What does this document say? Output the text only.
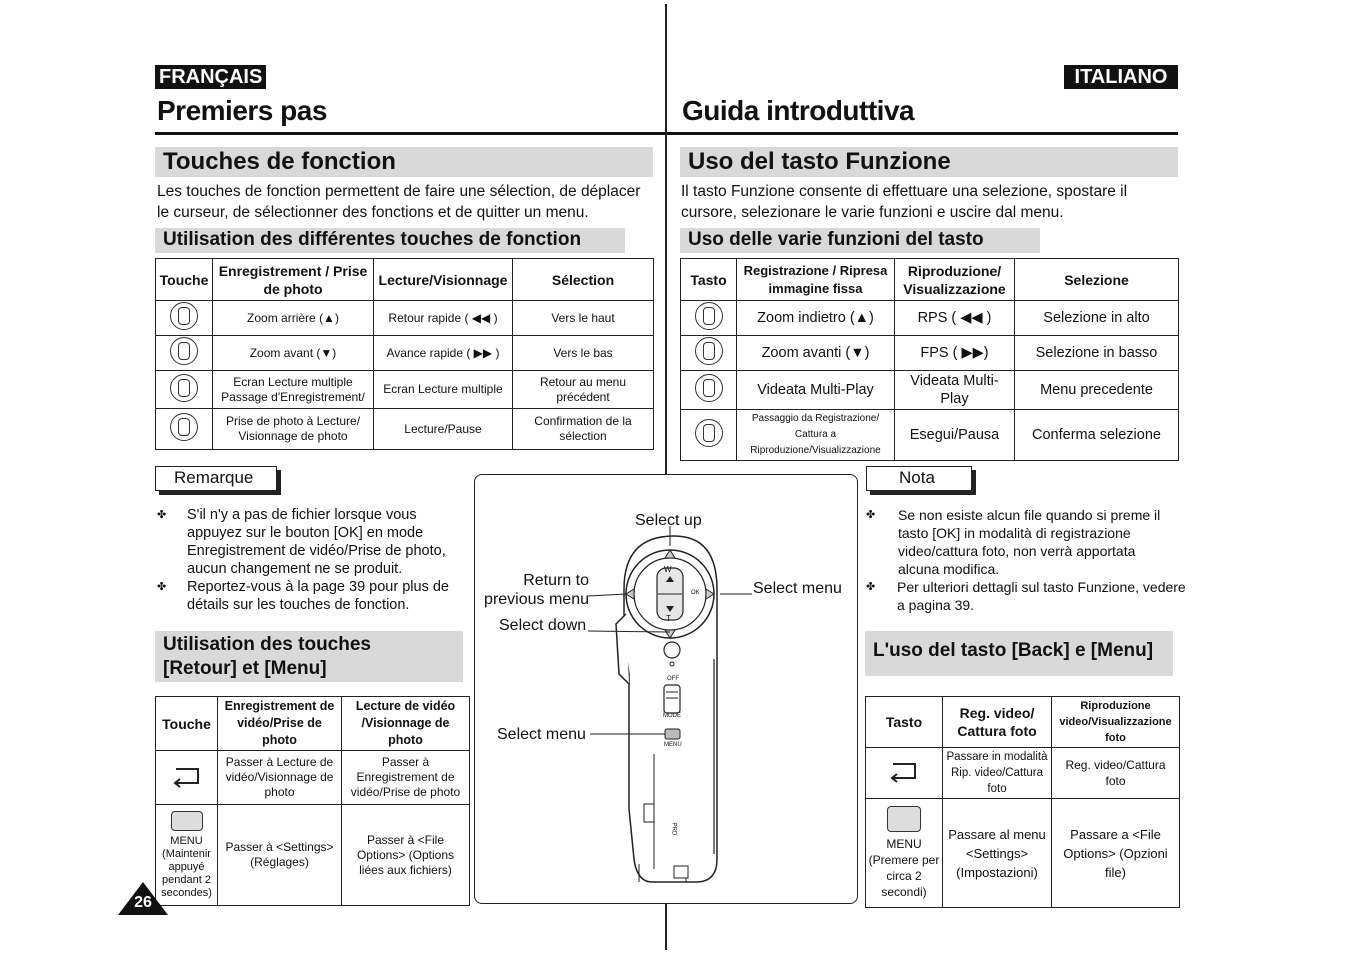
FRANÇAIS
Premiers pas
Touches de fonction
Les touches de fonction permettent de faire une sélection, de déplacer
le curseur, de sélectionner des fonctions et de quitter un menu.
Utilisation des différentes touches de fonction
Touche	Enregistrement / Prise de photo	Lecture/Visionnage	Sélection
	Zoom arrière (▲)	Retour rapide ( ◀◀ )	Vers le haut
	Zoom avant (▼)	Avance rapide ( ▶▶ )	Vers le bas
	Ecran Lecture multiple Passage d'Enregistrement/	Ecran Lecture multiple	Retour au menu précédent
	Prise de photo à Lecture/ Visionnage de photo	Lecture/Pause	Confirmation de la sélection
Remarque
✤ S'il n'y a pas de fichier lorsque vous appuyez sur le bouton [OK] en mode Enregistrement de vidéo/Prise de photo, aucun changement ne se produit.
✤ Reportez-vous à la page 39 pour plus de détails sur les touches de fonction.
Utilisation des touches
[Retour] et [Menu]
Touche	Enregistrement de vidéo/Prise de photo	Lecture de vidéo /Visionnage de photo
	Passer à Lecture de vidéo/Visionnage de photo	Passer à Enregistrement de vidéo/Prise de photo

MENU
(Maintenir appuyé pendant 2 secondes)	Passer à <Settings> (Réglages)	Passer à <File Options> (Options liées aux fichiers)
26
W
T
OK
OFF
MODE
MENU
PRD
Select up
Return to
previous menu
Select menu
Select down
Select menu
ITALIANO
Guida introduttiva
Uso del tasto Funzione
Il tasto Funzione consente di effettuare una selezione, spostare il
cursore, selezionare le varie funzioni e uscire dal menu.
Uso delle varie funzioni del tasto
Tasto	Registrazione / Ripresa immagine fissa	Riproduzione/ Visualizzazione	Selezione
	Zoom indietro (▲)	RPS ( ◀◀ )	Selezione in alto
	Zoom avanti (▼)	FPS ( ▶▶)	Selezione in basso
	Videata Multi-Play	Videata Multi-Play	Menu precedente
	Passaggio da Registrazione/ Cattura a Riproduzione/Visualizzazione	Esegui/Pausa	Conferma selezione
Nota
✤ Se non esiste alcun file quando si preme il tasto [OK] in modalità di registrazione video/cattura foto, non verrà apportata alcuna modifica.
✤ Per ulteriori dettagli sul tasto Funzione, vedere a pagina 39.
L'uso del tasto [Back] e [Menu]
Tasto	Reg. video/ Cattura foto	Riproduzione video/Visualizzazione foto
	Passare in modalità Rip. video/Cattura foto	Reg. video/Cattura foto

MENU
(Premere per circa 2 secondi)	Passare al menu <Settings> (Impostazioni)	Passare a <File Options> (Opzioni file)
